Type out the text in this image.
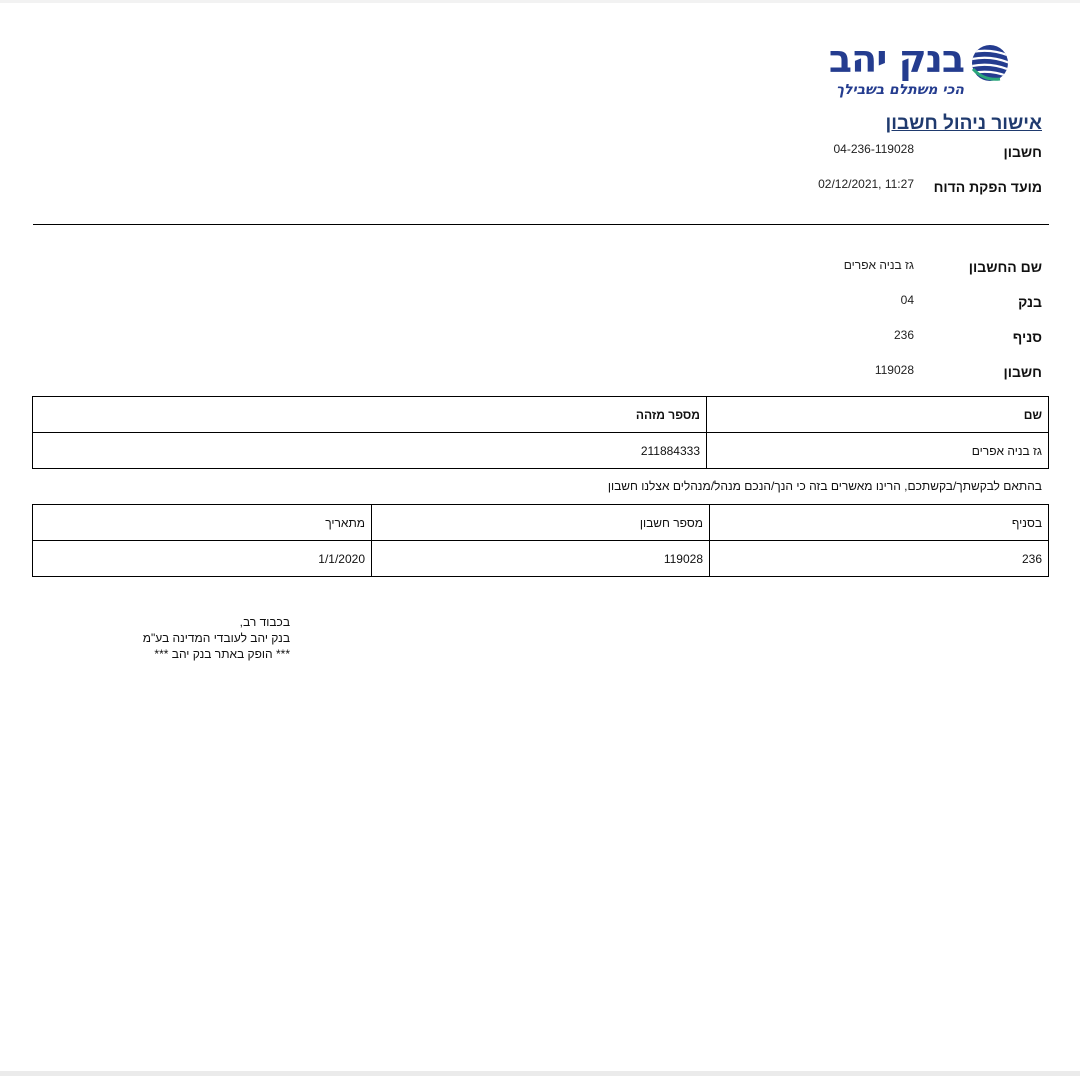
בנק יהב
הכי משתלם בשבילך
אישור ניהול חשבון
חשבון
04-236-119028
מועד הפקת הדוח
02/12/2021, 11:27
שם החשבון
גז בניה אפרים
בנק
04
סניף
236
חשבון
119028
שם	מספר מזהה
גז בניה אפרים	211884333
בהתאם לבקשתך/בקשתכם, הרינו מאשרים בזה כי הנך/הנכם מנהל/מנהלים אצלנו חשבון
בסניף	מספר חשבון	מתאריך
236	119028	1/1/2020
בכבוד רב,
בנק יהב לעובדי המדינה בע"מ
*** הופק באתר בנק יהב ***
